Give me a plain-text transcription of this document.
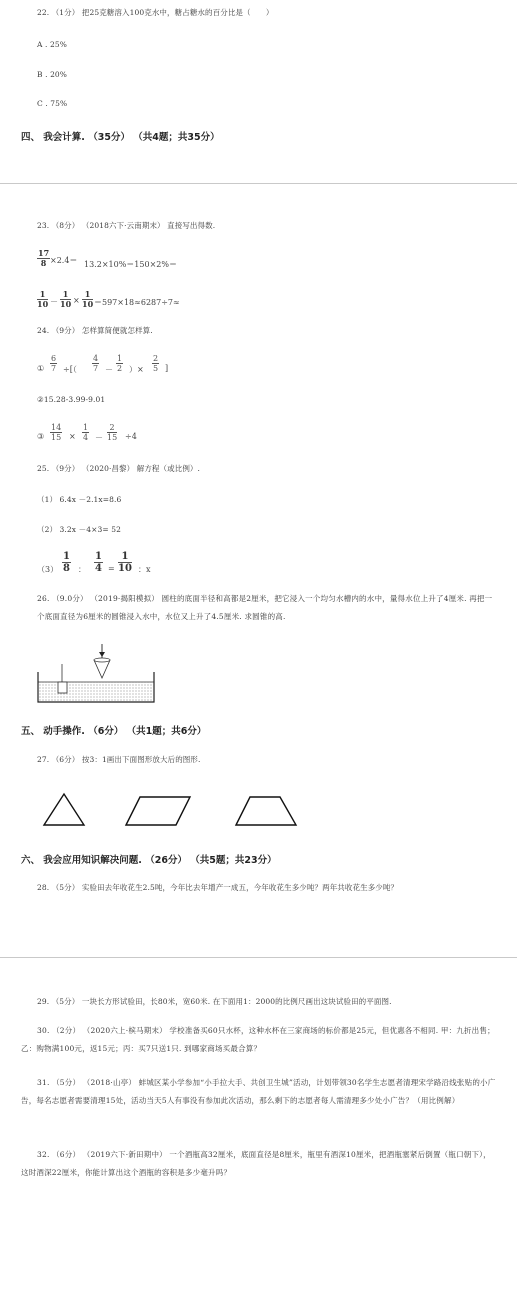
22. （1分） 把25克糖溶入100克水中，糖占糖水的百分比是（　　）
A . 25%
B . 20%
C . 75%
四、 我会计算. （35分） （共4题；共35分）
23. （8分） （2018六下·云南期末） 直接写出得数.
17
8 ×2.4＝ 13.2×10%＝150×2%＝
1
10 －
1
10 ×
1
10 ＝597×18≈6287÷7≈
24. （9分） 怎样算简便就怎样算.
①
6
7 ÷[（
4
7 －
1
2 ）×
2
5 ]
②15.28-3.99-9.01
③
14
15 ×
1
4 －
2
15 ÷4
25. （9分） （2020·昌黎） 解方程（或比例）.
（1） 6.4x －2.1x=8.6
（2） 3.2x －4×3= 52
（3）
1
8 ：
1
4 =
1
10 ：x
26. （9.0分） （2019·揭阳模拟） 圆柱的底面半径和高都是2厘米，把它浸入一个均匀水槽内的水中，量得水位上升了4厘米. 再把一个底面直径为6厘米的圆锥浸入水中，水位又上升了4.5厘米. 求圆锥的高.
五、 动手操作. （6分） （共1题；共6分）
27. （6分） 按3：1画出下面图形放大后的图形.
六、 我会应用知识解决问题. （26分） （共5题；共23分）
28. （5分） 实验田去年收花生2.5吨，今年比去年增产一成五，今年收花生多少吨？两年共收花生多少吨？
29. （5分） 一块长方形试验田，长80米，宽60米. 在下面用1：2000的比例尺画出这块试验田的平面图.
30. （2分） （2020六上·槟马期末） 学校准备买60只水杯，这种水杯在三家商场的标价都是25元，但优惠各不相同. 甲：九折出售；乙：购物满100元，返15元；丙：买7只送1只. 到哪家商场买最合算？
31. （5分） （2018·山亭） 蚌城区某小学参加“小手拉大手、共创卫生城”活动，计划带领30名学生志愿者清理宋学路沿线张贴的小广告，每名志愿者需要清理15处，活动当天5人有事没有参加此次活动，那么剩下的志愿者每人需清理多少处小广告？（用比例解）
32. （6分） （2019六下·新田期中） 一个酒瓶高32厘米，底面直径是8厘米，瓶里有酒深10厘米，把酒瓶塞紧后倒置（瓶口朝下），这时酒深22厘米，你能计算出这个酒瓶的容积是多少毫升吗？
